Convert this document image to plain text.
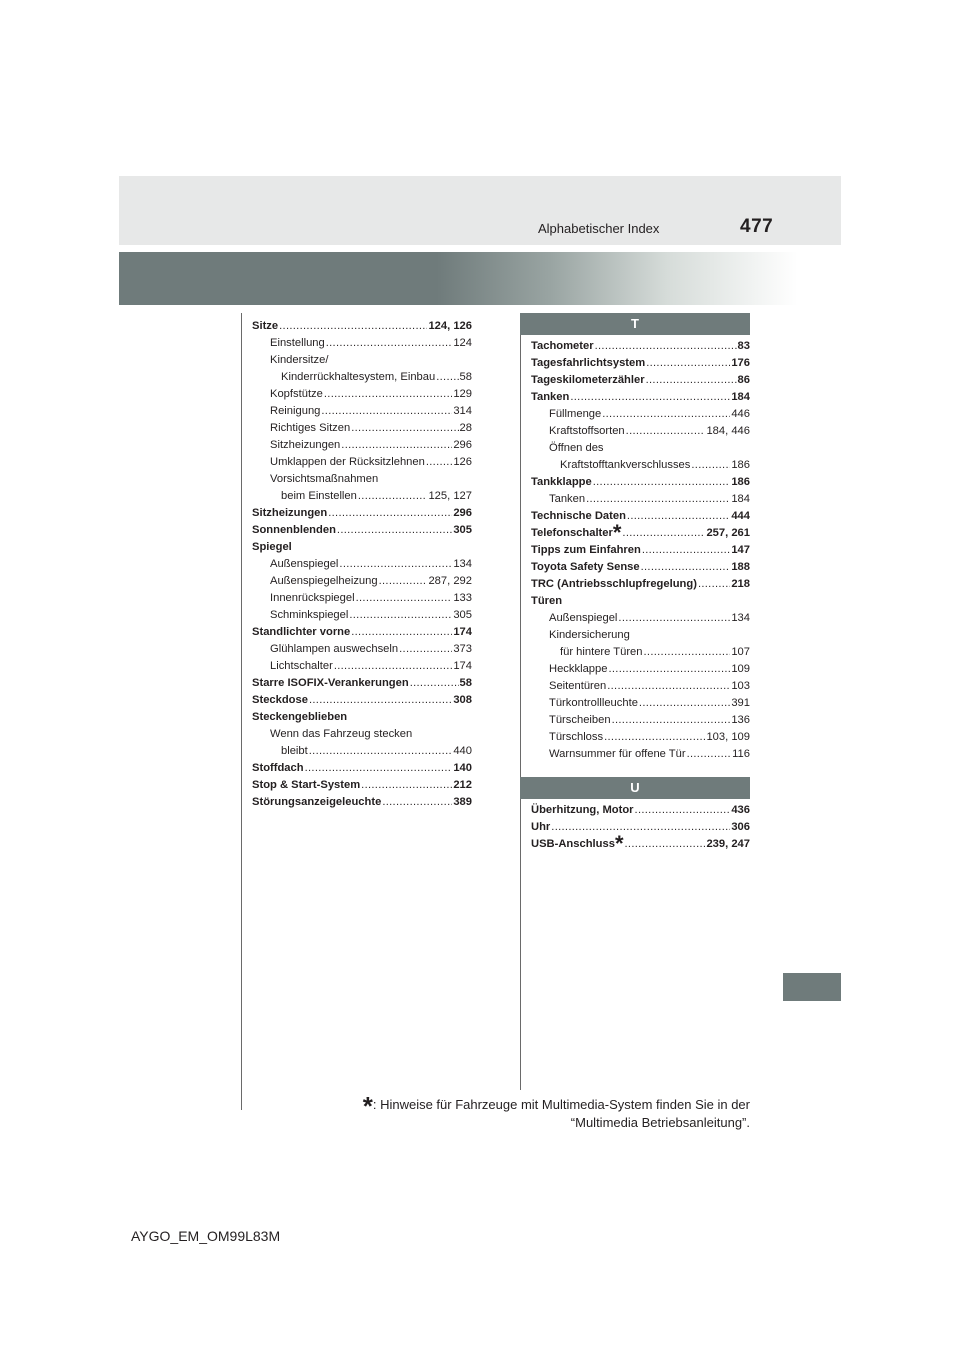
477
Alphabetischer Index
Sitze .....	124, 126
Einstellung .....	124
Kindersitze/
Kinderrückhaltesystem, Einbau ..... 58
Kopfstütze .....	129
Reinigung .....	314
Richtiges Sitzen .....	28
Sitzheizungen .....	296
Umklappen der Rücksitzlehnen .....	126
Vorsichtsmaßnahmen
beim Einstellen .....	125, 127
Sitzheizungen .....	296
Sonnenblenden .....	305
Spiegel
Außenspiegel .....	134
Außenspiegelheizung .....	287, 292
Innenrückspiegel .....	133
Schminkspiegel .....	305
Standlichter vorne .....	174
Glühlampen auswechseln .....	373
Lichtschalter .....	174
Starre ISOFIX-Verankerungen .....	58
Steckdose .....	308
Steckengeblieben
Wenn das Fahrzeug stecken
bleibt .....	440
Stoffdach .....	140
Stop & Start-System .....	212
Störungsanzeigeleuchte .....	389
T
Tachometer .....	83
Tagesfahrlichtsystem .....	176
Tageskilometerzähler .....	86
Tanken .....	184
Füllmenge .....	446
Kraftstoffsorten .....	184, 446
Öffnen des
Kraftstofftankverschlusses .....	186
Tankklappe .....	186
Tanken .....	184
Technische Daten .....	444
Telefonschalter * .....	257, 261
Tipps zum Einfahren .....	147
Toyota Safety Sense .....	188
TRC (Antriebsschlupfregelung) .....	218
Türen
Außenspiegel .....	134
Kindersicherung
für hintere Türen .....	107
Heckklappe .....	109
Seitentüren .....	103
Türkontrollleuchte .....	391
Türscheiben .....	136
Türschloss .....	103, 109
Warnsummer für offene Tür .....	116
U
Überhitzung, Motor .....	436
Uhr .....	306
USB-Anschluss * .....	239, 247
*: Hinweise für Fahrzeuge mit Multimedia-System finden Sie in der
“Multimedia Betriebsanleitung”.
AYGO_EM_OM99L83M
